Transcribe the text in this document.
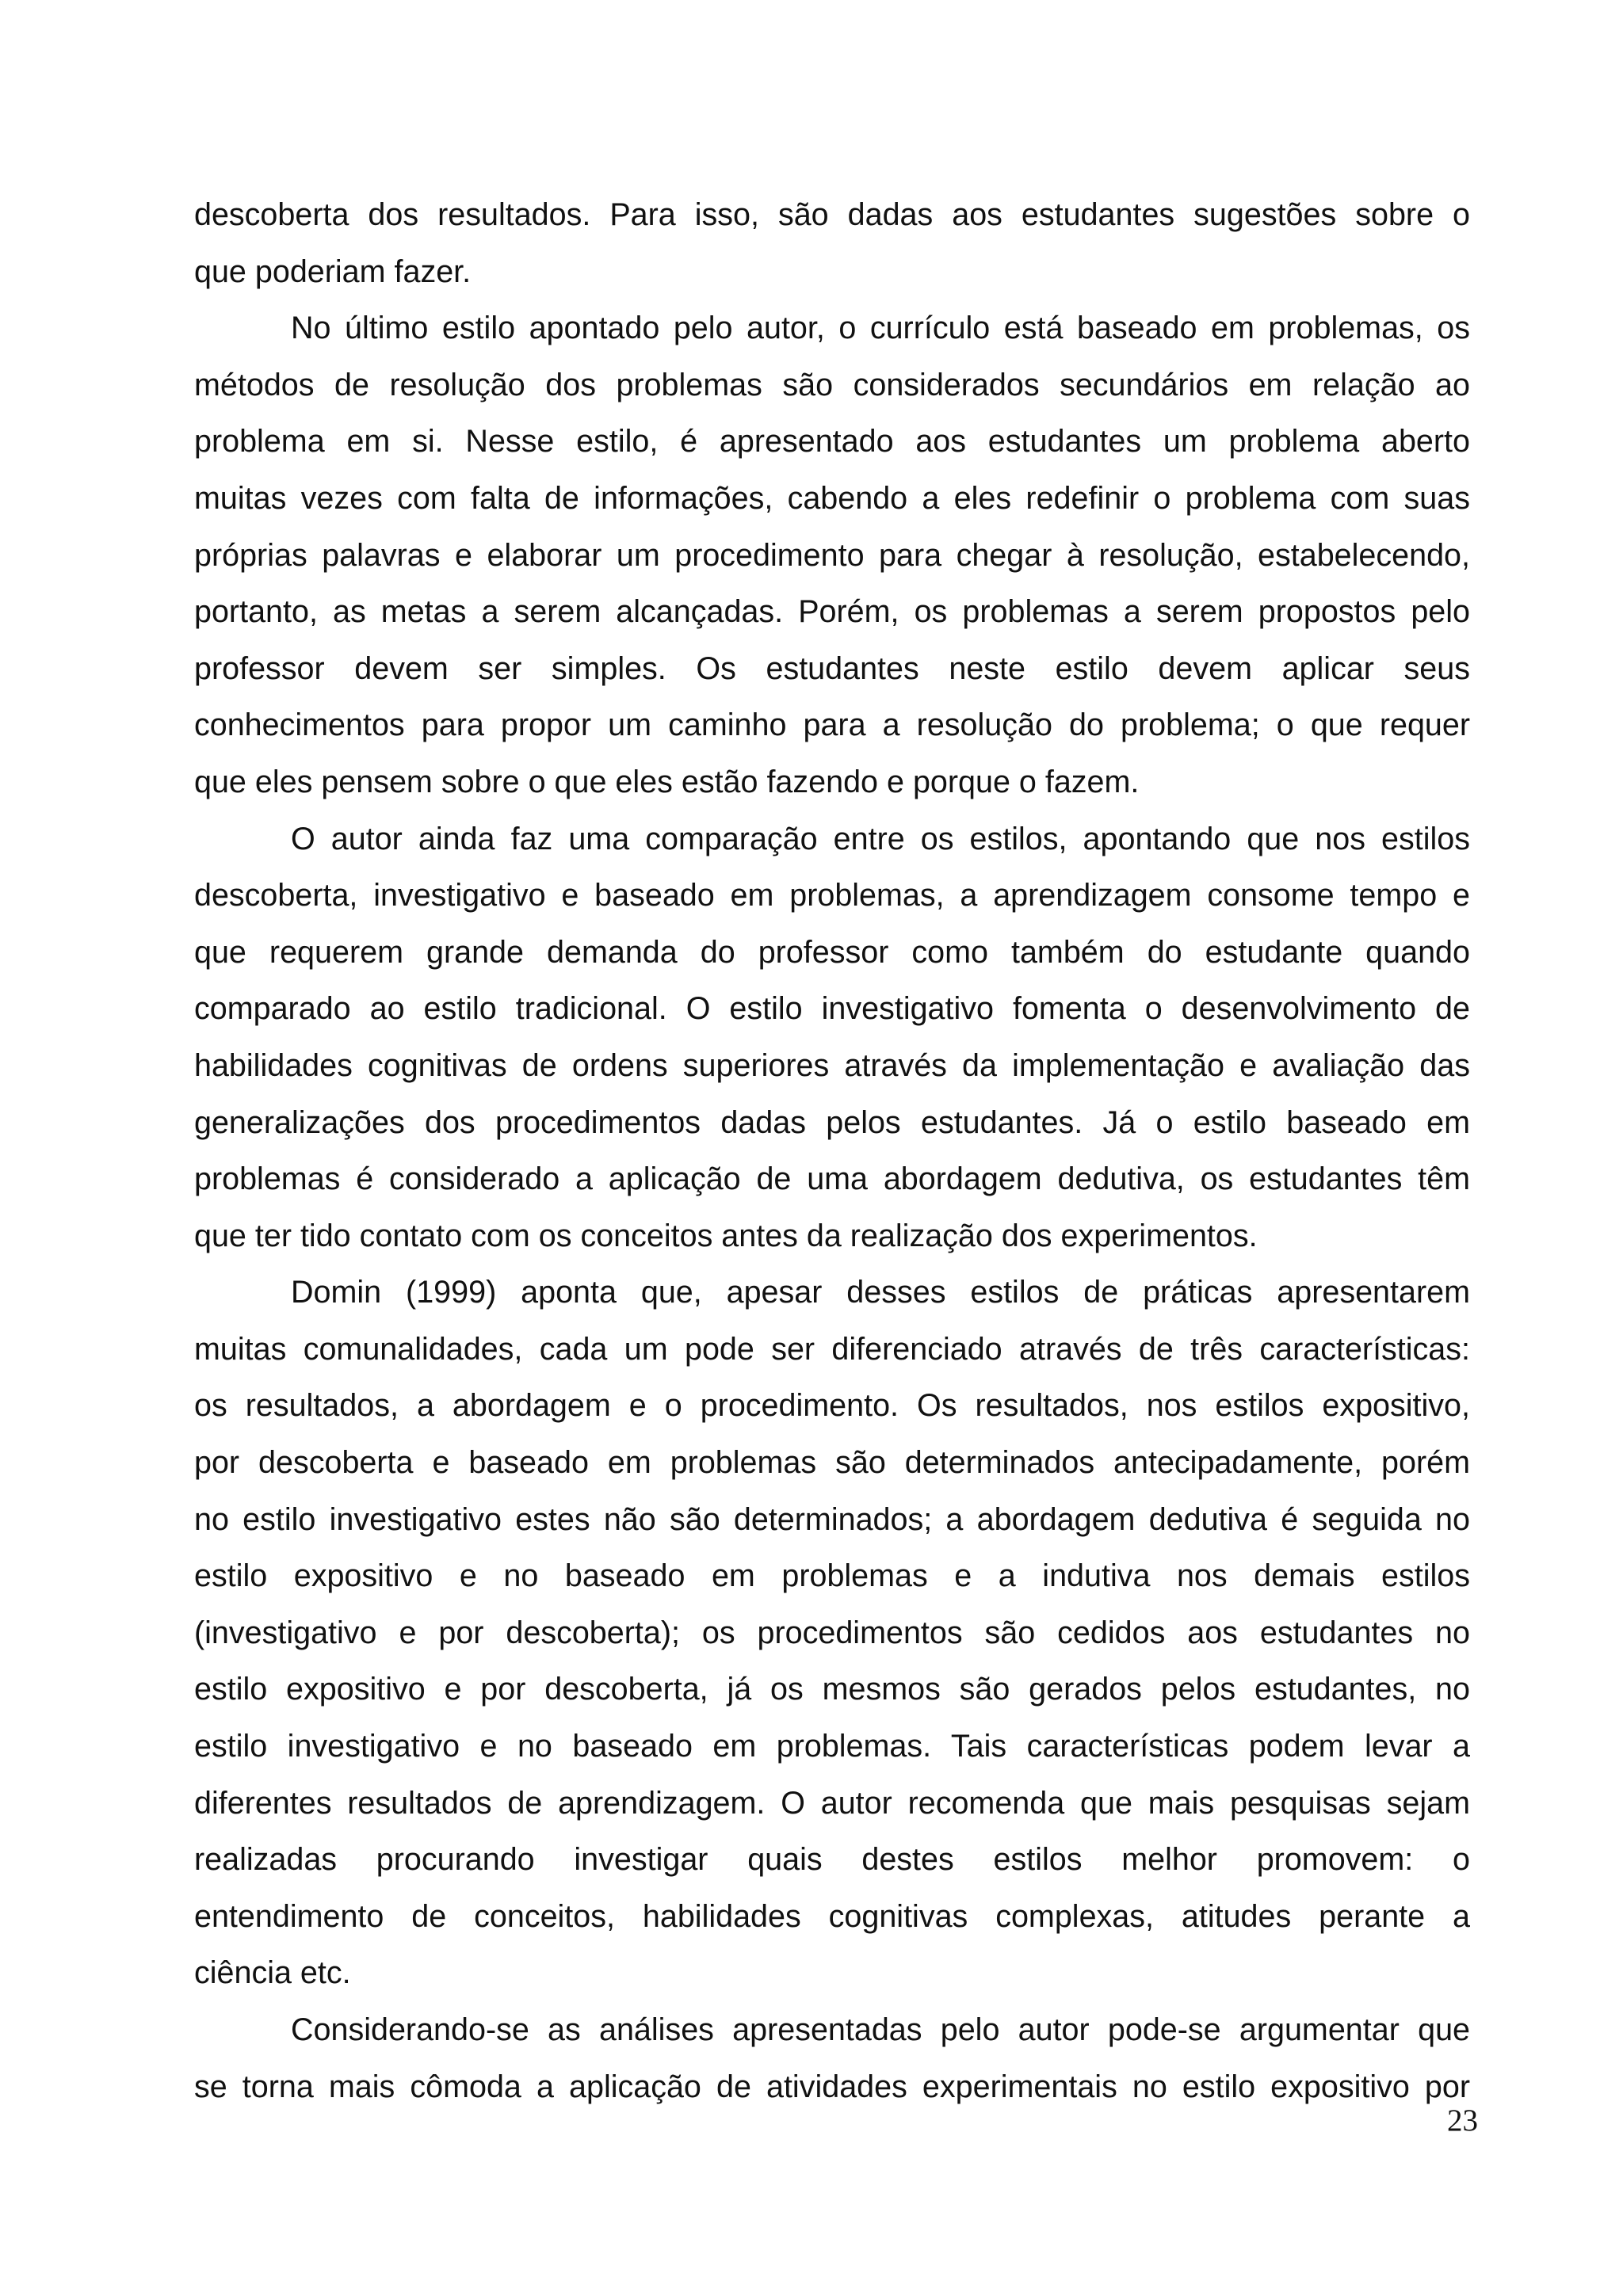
descoberta dos resultados. Para isso, são dadas aos estudantes sugestões sobre o
que poderiam fazer.
No último estilo apontado pelo autor, o currículo está baseado em problemas, os
métodos de resolução dos problemas são considerados secundários em relação ao
problema em si. Nesse estilo, é apresentado aos estudantes um problema aberto
muitas vezes com falta de informações, cabendo a eles redefinir o problema com suas
próprias palavras e elaborar um procedimento para chegar à resolução, estabelecendo,
portanto, as metas a serem alcançadas. Porém, os problemas a serem propostos pelo
professor devem ser simples. Os estudantes neste estilo devem aplicar seus
conhecimentos para propor um caminho para a resolução do problema; o que requer
que eles pensem sobre o que eles estão fazendo e porque o fazem.
O autor ainda faz uma comparação entre os estilos, apontando que nos estilos
descoberta, investigativo e baseado em problemas, a aprendizagem consome tempo e
que requerem grande demanda do professor como também do estudante quando
comparado ao estilo tradicional. O estilo investigativo fomenta o desenvolvimento de
habilidades cognitivas de ordens superiores através da implementação e avaliação das
generalizações dos procedimentos dadas pelos estudantes. Já o estilo baseado em
problemas é considerado a aplicação de uma abordagem dedutiva, os estudantes têm
que ter tido contato com os conceitos antes da realização dos experimentos.
Domin (1999) aponta que, apesar desses estilos de práticas apresentarem
muitas comunalidades, cada um pode ser diferenciado através de três características:
os resultados, a abordagem e o procedimento. Os resultados, nos estilos expositivo,
por descoberta e baseado em problemas são determinados antecipadamente, porém
no estilo investigativo estes não são determinados; a abordagem dedutiva é seguida no
estilo expositivo e no baseado em problemas e a indutiva nos demais estilos
(investigativo e por descoberta); os procedimentos são cedidos aos estudantes no
estilo expositivo e por descoberta, já os mesmos são gerados pelos estudantes, no
estilo investigativo e no baseado em problemas. Tais características podem levar a
diferentes resultados de aprendizagem. O autor recomenda que mais pesquisas sejam
realizadas procurando investigar quais destes estilos melhor promovem: o
entendimento de conceitos, habilidades cognitivas complexas, atitudes perante a
ciência etc.
Considerando-se as análises apresentadas pelo autor pode-se argumentar que
se torna mais cômoda a aplicação de atividades experimentais no estilo expositivo por
23
